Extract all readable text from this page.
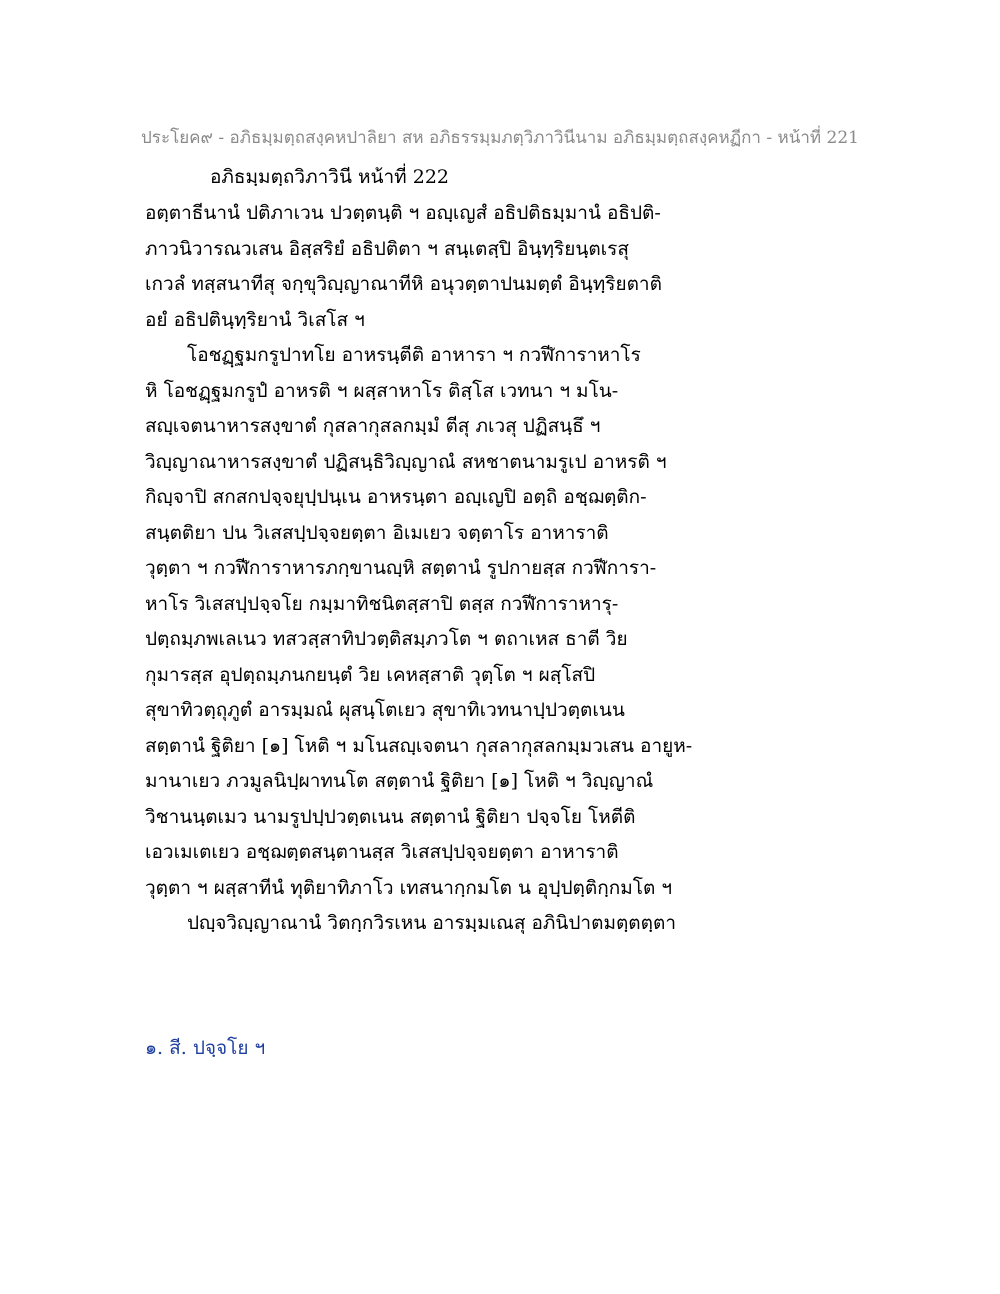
ประโยค๙ - อภิธมฺมตฺถสงฺคหปาลิยา สห อภิธรรมฺมภตฺวิภาวินีนาม อภิธมฺมตฺถสงฺคหฏีกา - หน้าที่ 221
อภิธมฺมตฺถวิภาวินี หน้าที่ 222
อตฺตาธีนานํ ปติภาเวน ปวตฺตนฺติ ฯ อญฺเญสํ อธิปติธมฺมานํ อธิปติ-
ภาวนิวารณวเสน อิสฺสริยํ อธิปติตา ฯ สนฺเตสฺปิ อินฺทฺริยนฺตเรสุ
เกวลํ ทสฺสนาทีสุ จกฺขุวิญฺญาณาทีหิ อนุวตฺตาปนมตฺตํ อินฺทฺริยตาติ
อยํ อธิปตินฺทฺริยานํ วิเสโส ฯ
โอชฏฺฐมกรูปาทโย อาหรนฺตีติ อาหารา ฯ กวฬีการาหาโร
หิ โอชฏฺฐมกรูปํ อาหรติ ฯ ผสฺสาหาโร ติสฺโส เวทนา ฯ มโน-
สญฺเจตนาหารสงฺขาตํ กุสลากุสลกมฺมํ ตีสุ ภเวสุ ปฏิสนฺธึ ฯ
วิญฺญาณาหารสงฺขาตํ ปฏิสนฺธิวิญฺญาณํ สหชาตนามรูเป อาหรติ ฯ
กิญฺจาปิ สกสกปจฺจยุปฺปนฺเน อาหรนฺตา อญฺเญปิ อตฺถิ อชฺฌตฺติก-
สนฺตติยา ปน วิเสสปฺปจฺจยตฺตา อิเมเยว จตฺตาโร อาหาราติ
วุตฺตา ฯ กวฬีการาหารภกฺขานญฺหิ สตฺตานํ รูปกายสฺส กวฬีการา-
หาโร วิเสสปฺปจฺจโย กมฺมาทิชนิตสฺสาปิ ตสฺส กวฬีการาหารุ-
ปตฺถมฺภพเลเนว ทสวสฺสาทิปวตฺติสมฺภวโต ฯ ตถาเหส ธาตี วิย
กุมารสฺส อุปตฺถมฺภนกยนฺตํ วิย เคหสฺสาติ วุตฺโต ฯ ผสฺโสปิ
สุขาทิวตฺถุภูตํ อารมฺมณํ ผุสนฺโตเยว สุขาทิเวทนาปฺปวตฺตเนน
สตฺตานํ ฐิติยา [๑] โหติ ฯ มโนสญฺเจตนา กุสลากุสลกมฺมวเสน อายูห-
มานาเยว ภวมูลนิปฺผาทนโต สตฺตานํ ฐิติยา [๑] โหติ ฯ วิญฺญาณํ
วิชานนฺตเมว นามรูปปฺปวตฺตเนน สตฺตานํ ฐิติยา ปจฺจโย โหตีติ
เอวเมเตเยว อชฺฌตฺตสนฺตานสฺส วิเสสปฺปจฺจยตฺตา อาหาราติ
วุตฺตา ฯ ผสฺสาทีนํ ทุติยาทิภาโว เทสนากฺกมโต น อุปฺปตฺติกฺกมโต ฯ
ปญฺจวิญฺญาณานํ วิตกฺกวิรเหน อารมฺมเณสุ อภินิปาตมตฺตตฺตา
๑. สี. ปจฺจโย ฯ
